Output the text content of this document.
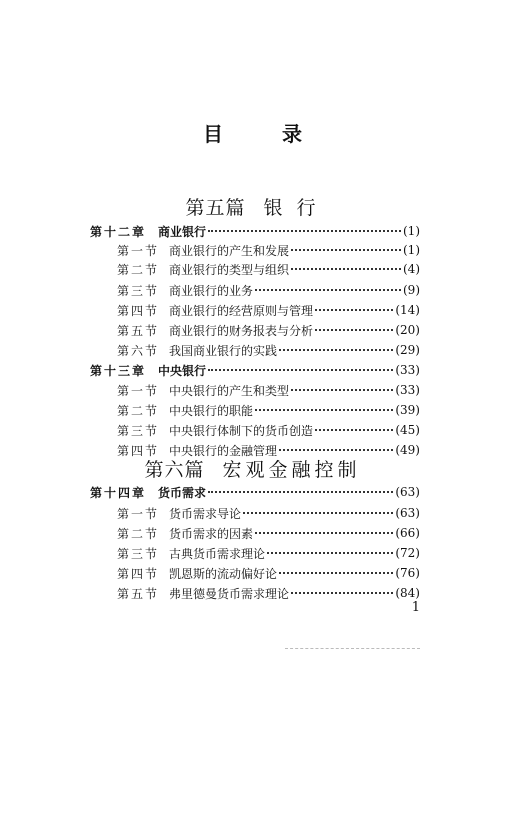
目 录
第五篇 银 行
第六篇 宏观金融控制
第十二章 商业银行	(1)
第一节 商业银行的产生和发展	(1)
第二节 商业银行的类型与组织	(4)
第三节 商业银行的业务	(9)
第四节 商业银行的经营原则与管理	(14)
第五节 商业银行的财务报表与分析	(20)
第六节 我国商业银行的实践	(29)
第十三章 中央银行	(33)
第一节 中央银行的产生和类型	(33)
第二节 中央银行的职能	(39)
第三节 中央银行体制下的货币创造	(45)
第四节 中央银行的金融管理	(49)
第十四章 货币需求	(63)
第一节 货币需求导论	(63)
第二节 货币需求的因素	(66)
第三节 古典货币需求理论	(72)
第四节 凯恩斯的流动偏好论	(76)
第五节 弗里德曼货币需求理论	(84)
1
